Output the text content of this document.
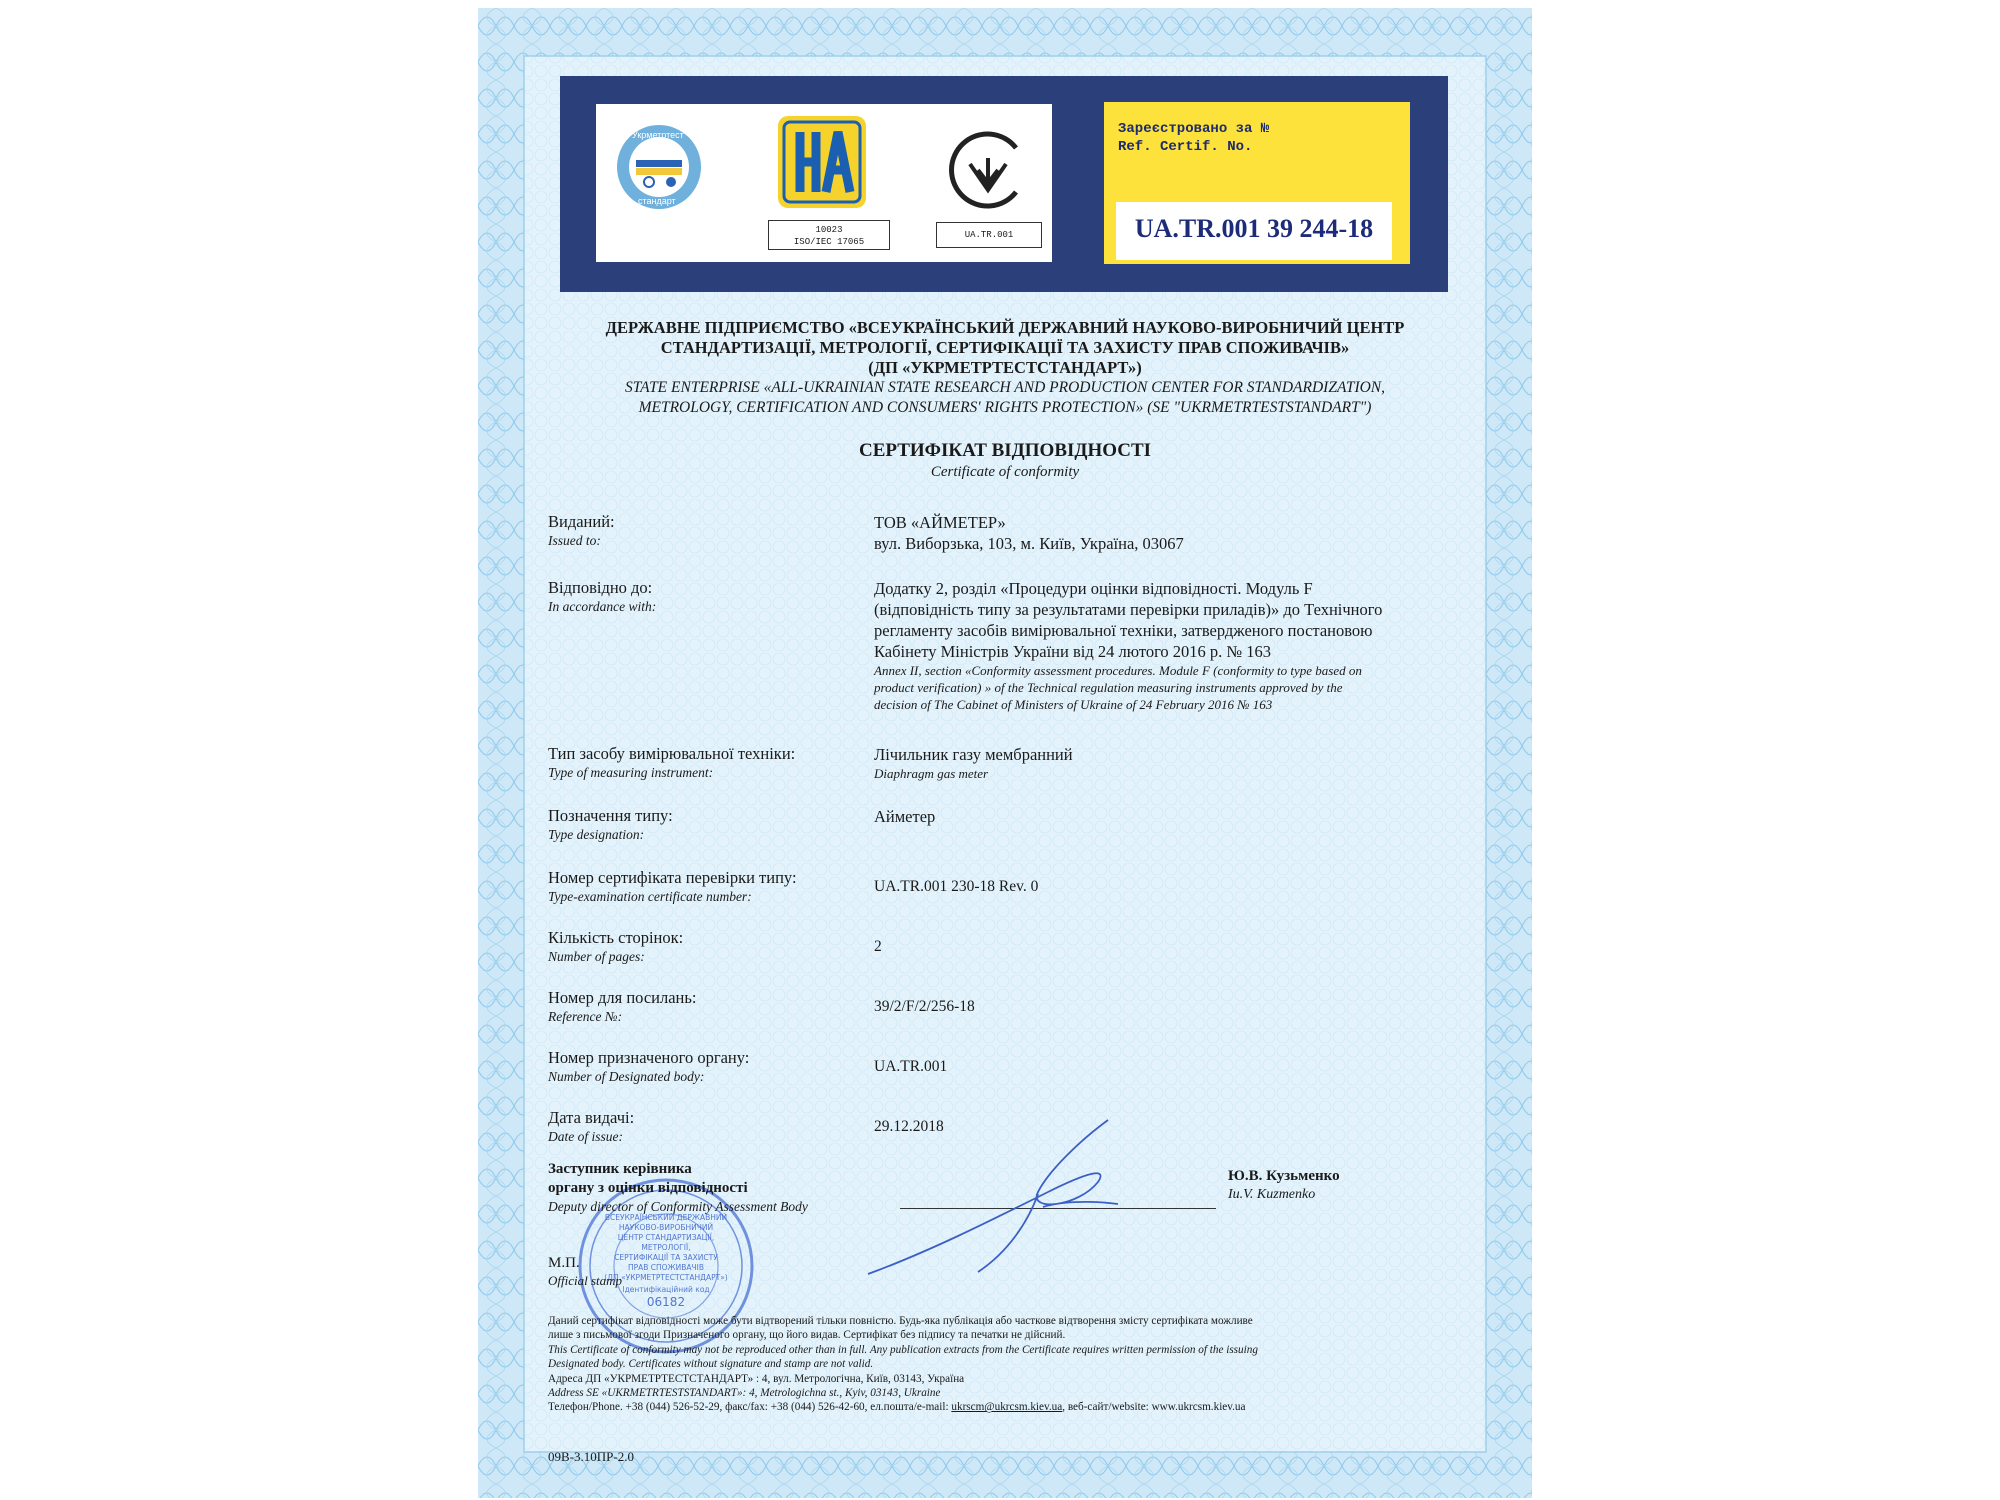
Укрметртест
стандарт
10023
ISO/IEC 17065
UA.TR.001
Зареєстровано за №
Ref. Certif. No.
UA.TR.001 39 244-18
ДЕРЖАВНЕ ПІДПРИЄМСТВО «ВСЕУКРАЇНСЬКИЙ ДЕРЖАВНИЙ НАУКОВО-ВИРОБНИЧИЙ ЦЕНТР
СТАНДАРТИЗАЦІЇ, МЕТРОЛОГІЇ, СЕРТИФІКАЦІЇ ТА ЗАХИСТУ ПРАВ СПОЖИВАЧІВ»
(ДП «УКРМЕТРТЕСТСТАНДАРТ»)
STATE ENTERPRISE «ALL-UKRAINIAN STATE RESEARCH AND PRODUCTION CENTER FOR STANDARDIZATION,
METROLOGY, CERTIFICATION AND CONSUMERS' RIGHTS PROTECTION» (SE "UKRMETRTESTSTANDART")
СЕРТИФІКАТ ВІДПОВІДНОСТІ
Certificate of conformity
Виданий:
Issued to:
ТОВ «АЙМЕТЕР»
вул. Виборзька, 103, м. Київ, Україна, 03067
Відповідно до:
In accordance with:
Додатку 2, розділ «Процедури оцінки відповідності. Модуль F
(відповідність типу за результатами перевірки приладів)» до Технічного
регламенту засобів вимірювальної техніки, затвердженого постановою
Кабінету Міністрів України від 24 лютого 2016 р. № 163
Annex II, section «Conformity assessment procedures. Module F (conformity to type based on
product verification) » of the Technical regulation measuring instruments approved by the
decision of The Cabinet of Ministers of Ukraine of 24 February 2016 № 163
Тип засобу вимірювальної техніки:
Type of measuring instrument:
Лічильник газу мембранний
Diaphragm gas meter
Позначення типу:
Type designation:
Айметер
Номер сертифіката перевірки типу:
Type-examination certificate number:
UA.TR.001 230-18 Rev. 0
Кількість сторінок:
Number of pages:
2
Номер для посилань:
Reference №:
39/2/F/2/256-18
Номер призначеного органу:
Number of Designated body:
UA.TR.001
Дата видачі:
Date of issue:
29.12.2018
ВСЕУКРАЇНСЬКИЙ ДЕРЖАВНИЙ
НАУКОВО-ВИРОБНИЧИЙ
ЦЕНТР СТАНДАРТИЗАЦІЇ,
МЕТРОЛОГІЇ,
СЕРТИФІКАЦІЇ ТА ЗАХИСТУ
ПРАВ СПОЖИВАЧІВ
(ДП «УКРМЕТРТЕСТСТАНДАРТ»)
Ідентифікаційний код
06182
Заступник керівника
органу з оцінки відповідності
Deputy director of Conformity Assessment Body
Ю.В. Кузьменко
Iu.V. Kuzmenko
М.П.
Official stamp
Даний сертифікат відповідності може бути відтворений тільки повністю. Будь-яка публікація або часткове відтворення змісту сертифіката можливе
лише з письмової згоди Призначеного органу, що його видав. Сертифікат без підпису та печатки не дійсний.
This Certificate of conformity may not be reproduced other than in full. Any publication extracts from the Certificate requires written permission of the issuing
Designated body. Certificates without signature and stamp are not valid.
Адреса ДП «УКРМЕТРТЕСТСТАНДАРТ» : 4, вул. Метрологічна, Київ, 03143, Україна
Address SE «UKRMETRTESTSTANDART»: 4, Metrologichna st., Kyiv, 03143, Ukraine
Телефон/Phone. +38 (044) 526-52-29, факс/fax: +38 (044) 526-42-60, ел.пошта/e-mail: ukrscm@ukrcsm.kiev.ua, веб-сайт/website: www.ukrcsm.kiev.ua
09В-3.10ПР-2.0
